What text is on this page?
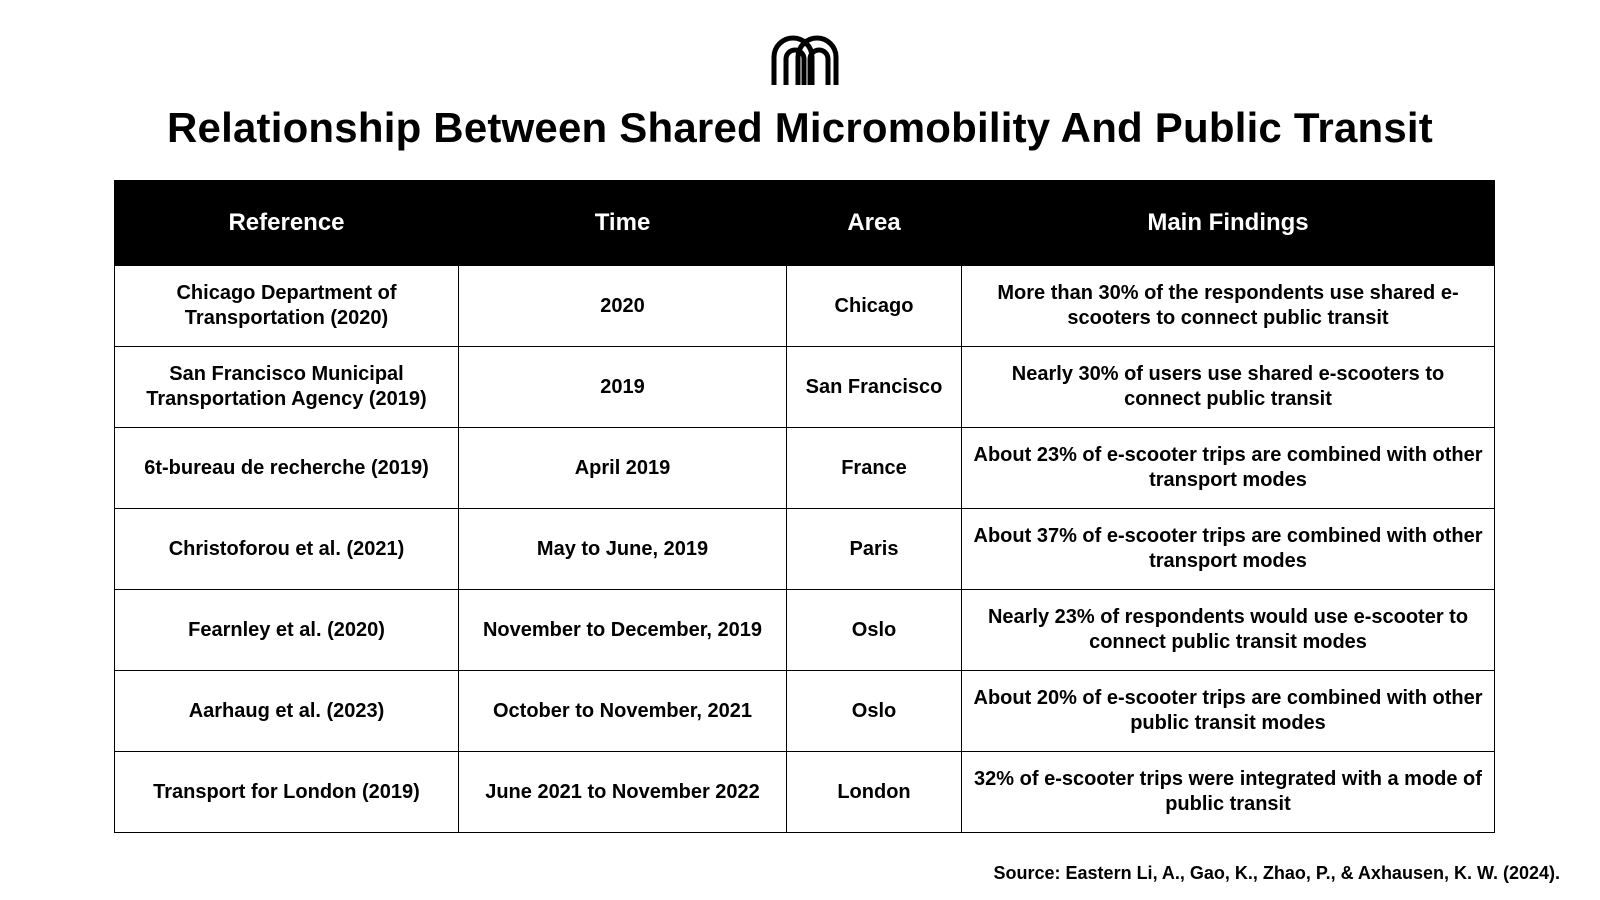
Relationship Between Shared Micromobility And Public Transit
Reference	Time	Area	Main Findings
Chicago Department of Transportation (2020)	2020	Chicago	More than 30% of the respondents use shared e-scooters to connect public transit
San Francisco Municipal Transportation Agency (2019)	2019	San Francisco	Nearly 30% of users use shared e-scooters to connect public transit
6t-bureau de recherche (2019)	April 2019	France	About 23% of e-scooter trips are combined with other transport modes
Christoforou et al. (2021)	May to June, 2019	Paris	About 37% of e-scooter trips are combined with other transport modes
Fearnley et al. (2020)	November to December, 2019	Oslo	Nearly 23% of respondents would use e-scooter to connect public transit modes
Aarhaug et al. (2023)	October to November, 2021	Oslo	About 20% of e-scooter trips are combined with other public transit modes
Transport for London (2019)	June 2021 to November 2022	London	32% of e-scooter trips were integrated with a mode of public transit
Source: Eastern Li, A., Gao, K., Zhao, P., & Axhausen, K. W. (2024).
